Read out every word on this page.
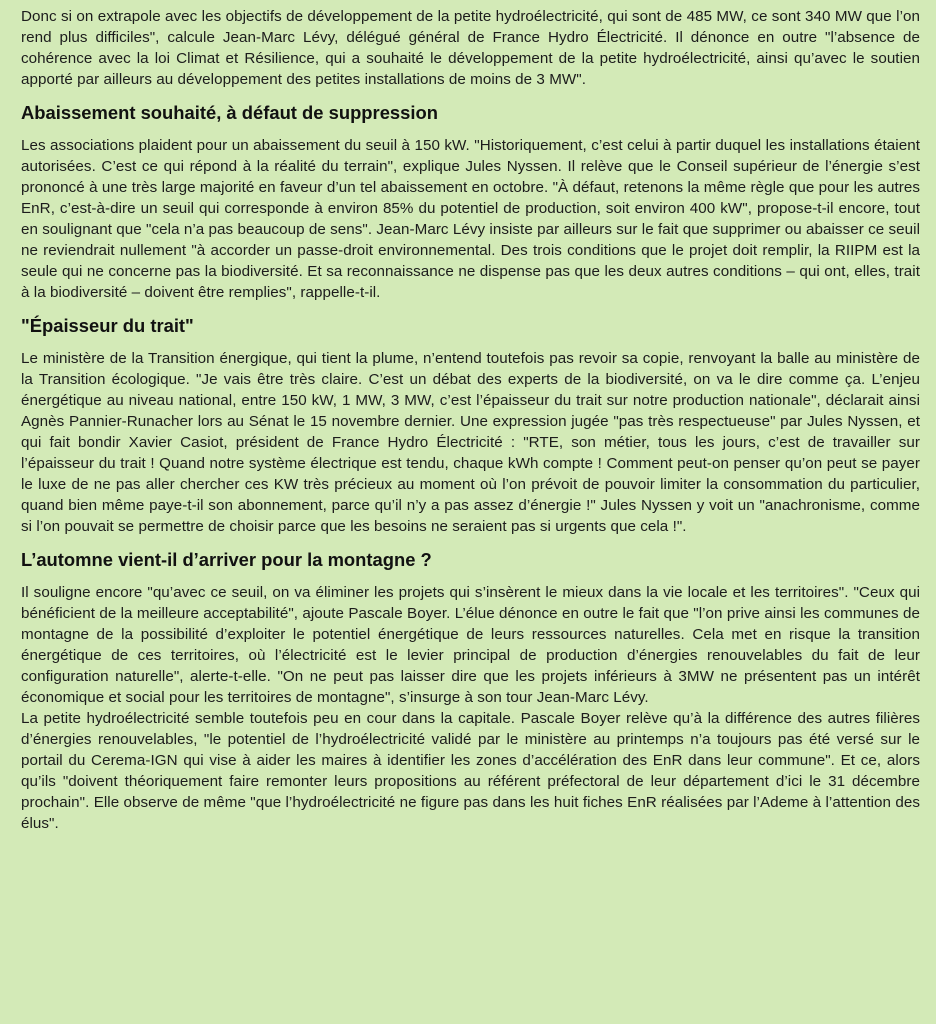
Donc si on extrapole avec les objectifs de développement de la petite hydroélectricité, qui sont de 485 MW, ce sont 340 MW que l’on rend plus difficiles", calcule Jean-Marc Lévy, délégué général de France Hydro Électricité. Il dénonce en outre "l’absence de cohérence avec la loi Climat et Résilience, qui a souhaité le développement de la petite hydroélectricité, ainsi qu’avec le soutien apporté par ailleurs au développement des petites installations de moins de 3 MW".

Abaissement souhaité, à défaut de suppression

Les associations plaident pour un abaissement du seuil à 150 kW. "Historiquement, c’est celui à partir duquel les installations étaient autorisées. C’est ce qui répond à la réalité du terrain", explique Jules Nyssen. Il relève que le Conseil supérieur de l’énergie s’est prononcé à une très large majorité en faveur d’un tel abaissement en octobre. "À défaut, retenons la même règle que pour les autres EnR, c’est-à-dire un seuil qui corresponde à environ 85% du potentiel de production, soit environ 400 kW", propose-t-il encore, tout en soulignant que "cela n’a pas beaucoup de sens". Jean-Marc Lévy insiste par ailleurs sur le fait que supprimer ou abaisser ce seuil ne reviendrait nullement "à accorder un passe-droit environnemental. Des trois conditions que le projet doit remplir, la RIIPM est la seule qui ne concerne pas la biodiversité. Et sa reconnaissance ne dispense pas que les deux autres conditions – qui ont, elles, trait à la biodiversité – doivent être remplies", rappelle-t-il.

"Épaisseur du trait"

Le ministère de la Transition énergique, qui tient la plume, n’entend toutefois pas revoir sa copie, renvoyant la balle au ministère de la Transition écologique. "Je vais être très claire. C’est un débat des experts de la biodiversité, on va le dire comme ça. L’enjeu énergétique au niveau national, entre 150 kW, 1 MW, 3 MW, c’est l’épaisseur du trait sur notre production nationale", déclarait ainsi Agnès Pannier-Runacher lors au Sénat le 15 novembre dernier. Une expression jugée "pas très respectueuse" par Jules Nyssen, et qui fait bondir Xavier Casiot, président de France Hydro Électricité : "RTE, son métier, tous les jours, c’est de travailler sur l’épaisseur du trait ! Quand notre système électrique est tendu, chaque kWh compte ! Comment peut-on penser qu’on peut se payer le luxe de ne pas aller chercher ces KW très précieux au moment où l’on prévoit de pouvoir limiter la consommation du particulier, quand bien même paye-t-il son abonnement, parce qu’il n’y a pas assez d’énergie !" Jules Nyssen y voit un "anachronisme, comme si l’on pouvait se permettre de choisir parce que les besoins ne seraient pas si urgents que cela !".

L’automne vient-il d’arriver pour la montagne ?

Il souligne encore "qu’avec ce seuil, on va éliminer les projets qui s’insèrent le mieux dans la vie locale et les territoires". "Ceux qui bénéficient de la meilleure acceptabilité", ajoute Pascale Boyer. L’élue dénonce en outre le fait que "l’on prive ainsi les communes de montagne de la possibilité d’exploiter le potentiel énergétique de leurs ressources naturelles. Cela met en risque la transition énergétique de ces territoires, où l’électricité est le levier principal de production d’énergies renouvelables du fait de leur configuration naturelle", alerte-t-elle. "On ne peut pas laisser dire que les projets inférieurs à 3MW ne présentent pas un intérêt économique et social pour les territoires de montagne", s’insurge à son tour Jean-Marc Lévy.

La petite hydroélectricité semble toutefois peu en cour dans la capitale. Pascale Boyer relève qu’à la différence des autres filières d’énergies renouvelables, "le potentiel de l’hydroélectricité validé par le ministère au printemps n’a toujours pas été versé sur le portail du Cerema-IGN qui vise à aider les maires à identifier les zones d’accélération des EnR dans leur commune". Et ce, alors qu’ils "doivent théoriquement faire remonter leurs propositions au référent préfectoral de leur département d’ici le 31 décembre prochain". Elle observe de même "que l’hydroélectricité ne figure pas dans les huit fiches EnR réalisées par l’Ademe à l’attention des élus".
